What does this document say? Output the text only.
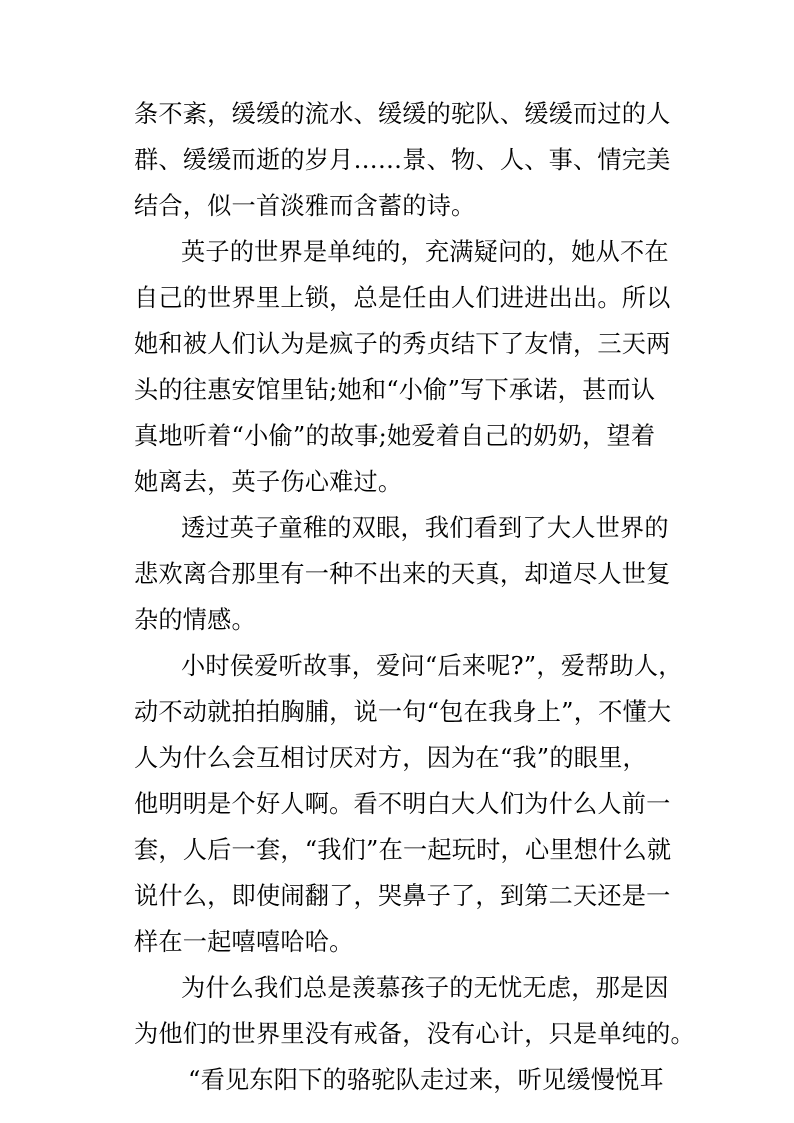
条不紊，缓缓的流水、缓缓的驼队、缓缓而过的人
群、缓缓而逝的岁月……景、物、人、事、情完美
结合，似一首淡雅而含蓄的诗。
英子的世界是单纯的，充满疑问的，她从不在
自己的世界里上锁，总是任由人们进进出出。所以
她和被人们认为是疯子的秀贞结下了友情，三天两
头的往惠安馆里钻;她和“小偷”写下承诺，甚而认
真地听着“小偷”的故事;她爱着自己的奶奶，望着
她离去，英子伤心难过。
透过英子童稚的双眼，我们看到了大人世界的
悲欢离合那里有一种不出来的天真，却道尽人世复
杂的情感。
小时侯爱听故事，爱问“后来呢?”，爱帮助人，
动不动就拍拍胸脯，说一句“包在我身上”，不懂大
人为什么会互相讨厌对方，因为在“我”的眼里，
他明明是个好人啊。看不明白大人们为什么人前一
套，人后一套，“我们”在一起玩时，心里想什么就
说什么，即使闹翻了，哭鼻子了，到第二天还是一
样在一起嘻嘻哈哈。
为什么我们总是羡慕孩子的无忧无虑，那是因
为他们的世界里没有戒备，没有心计，只是单纯的。
“看见东阳下的骆驼队走过来，听见缓慢悦耳
